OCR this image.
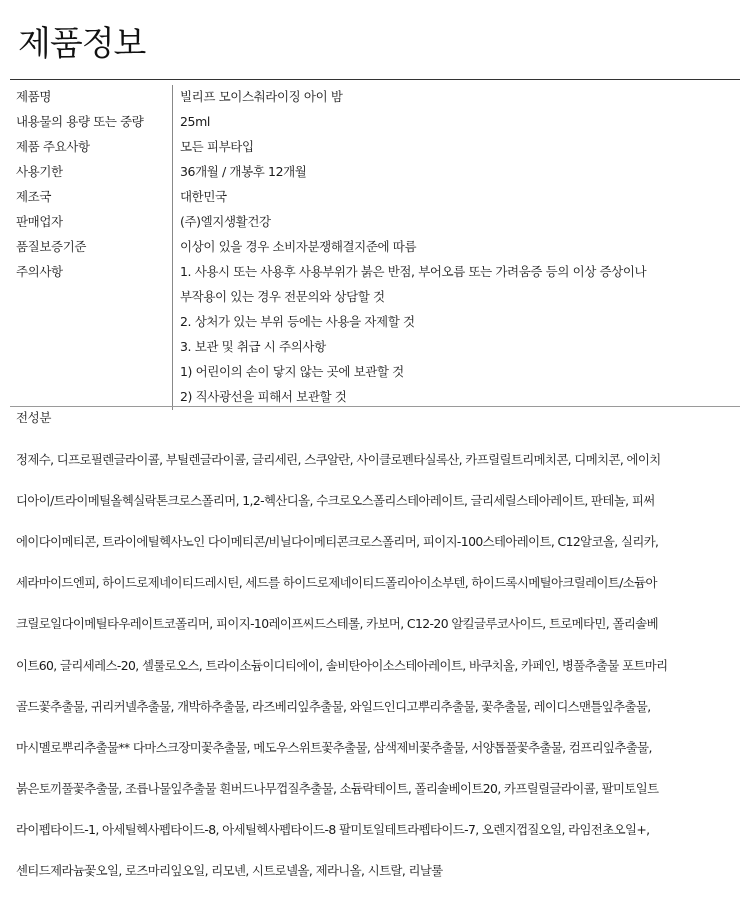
제품정보
제품명	빌리프 모이스춰라이징 아이 밤
내용물의 용량 또는 중량	25ml
제품 주요사항	모든 피부타입
사용기한	36개월 / 개봉후 12개월
제조국	대한민국
판매업자	(주)엘지생활건강
품질보증기준	이상이 있을 경우 소비자분쟁해결지준에 따름
주의사항	1. 사용시 또는 사용후 사용부위가 붉은 반점, 부어오름 또는 가려움증 등의 이상 증상이나
부작용이 있는 경우 전문의와 상담할 것
2. 상처가 있는 부위 등에는 사용을 자제할 것
3. 보관 및 취급 시 주의사항
1) 어린이의 손이 닿지 않는 곳에 보관할 것
2) 직사광선을 피해서 보관할 것
전성분

정제수, 디프로필렌글라이콜, 부틸렌글라이콜, 글리세린, 스쿠알란, 사이클로펜타실록산, 카프릴릴트리메치콘, 디메치콘, 에이치

디아이/트라이메틸올헥실락톤크로스폴리머, 1,2-헥산디올, 수크로오스폴리스테아레이트, 글리세릴스테아레이트, 판테놀, 피써

에이다이메티콘, 트라이에틸헥사노인 다이메티콘/비닐다이메티콘크로스폴리머, 피이지-100스테아레이트, C12알코올, 실리카,

세라마이드엔피, 하이드로제네이티드레시틴, 세드를 하이드로제네이티드폴리아이소부텐, 하이드록시메틸아크릴레이트/소듐아

크릴로일다이메틸타우레이트코폴리머, 피이지-10레이프씨드스테롤, 카보머, C12-20 알킬글루코사이드, 트로메타민, 폴리솔베

이트60, 글리세레스-20, 셀룰로오스, 트라이소듐이디티에이, 솔비탄아이소스테아레이트, 바쿠치올, 카페인, 병풀추출물 포트마리

골드꽃추출물, 귀리커넬추출물, 개박하추출물, 라즈베리잎추출물, 와일드인디고뿌리추출물, 꽃추출물, 레이디스맨틀잎추출물,

마시멜로뿌리추출물** 다마스크장미꽃추출물, 메도우스위트꽃추출물, 삼색제비꽃추출물, 서양톱풀꽃추출물, 컴프리잎추출물,

붉은토끼풀꽃추출물, 조릅나물잎추출물 흰버드나무껍질추출물, 소듐락테이트, 폴리솔베이트20, 카프릴릴글라이콜, 팔미토일트

라이펩타이드-1, 아세틸헥사펩타이드-8, 아세틸헥사펩타이드-8 팔미토일테트라펩타이드-7, 오렌지껍질오일, 라임전초오일+,

센티드제라늄꽃오일, 로즈마리잎오일, 리모넨, 시트로넬올, 제라니올, 시트랄, 리날룰
